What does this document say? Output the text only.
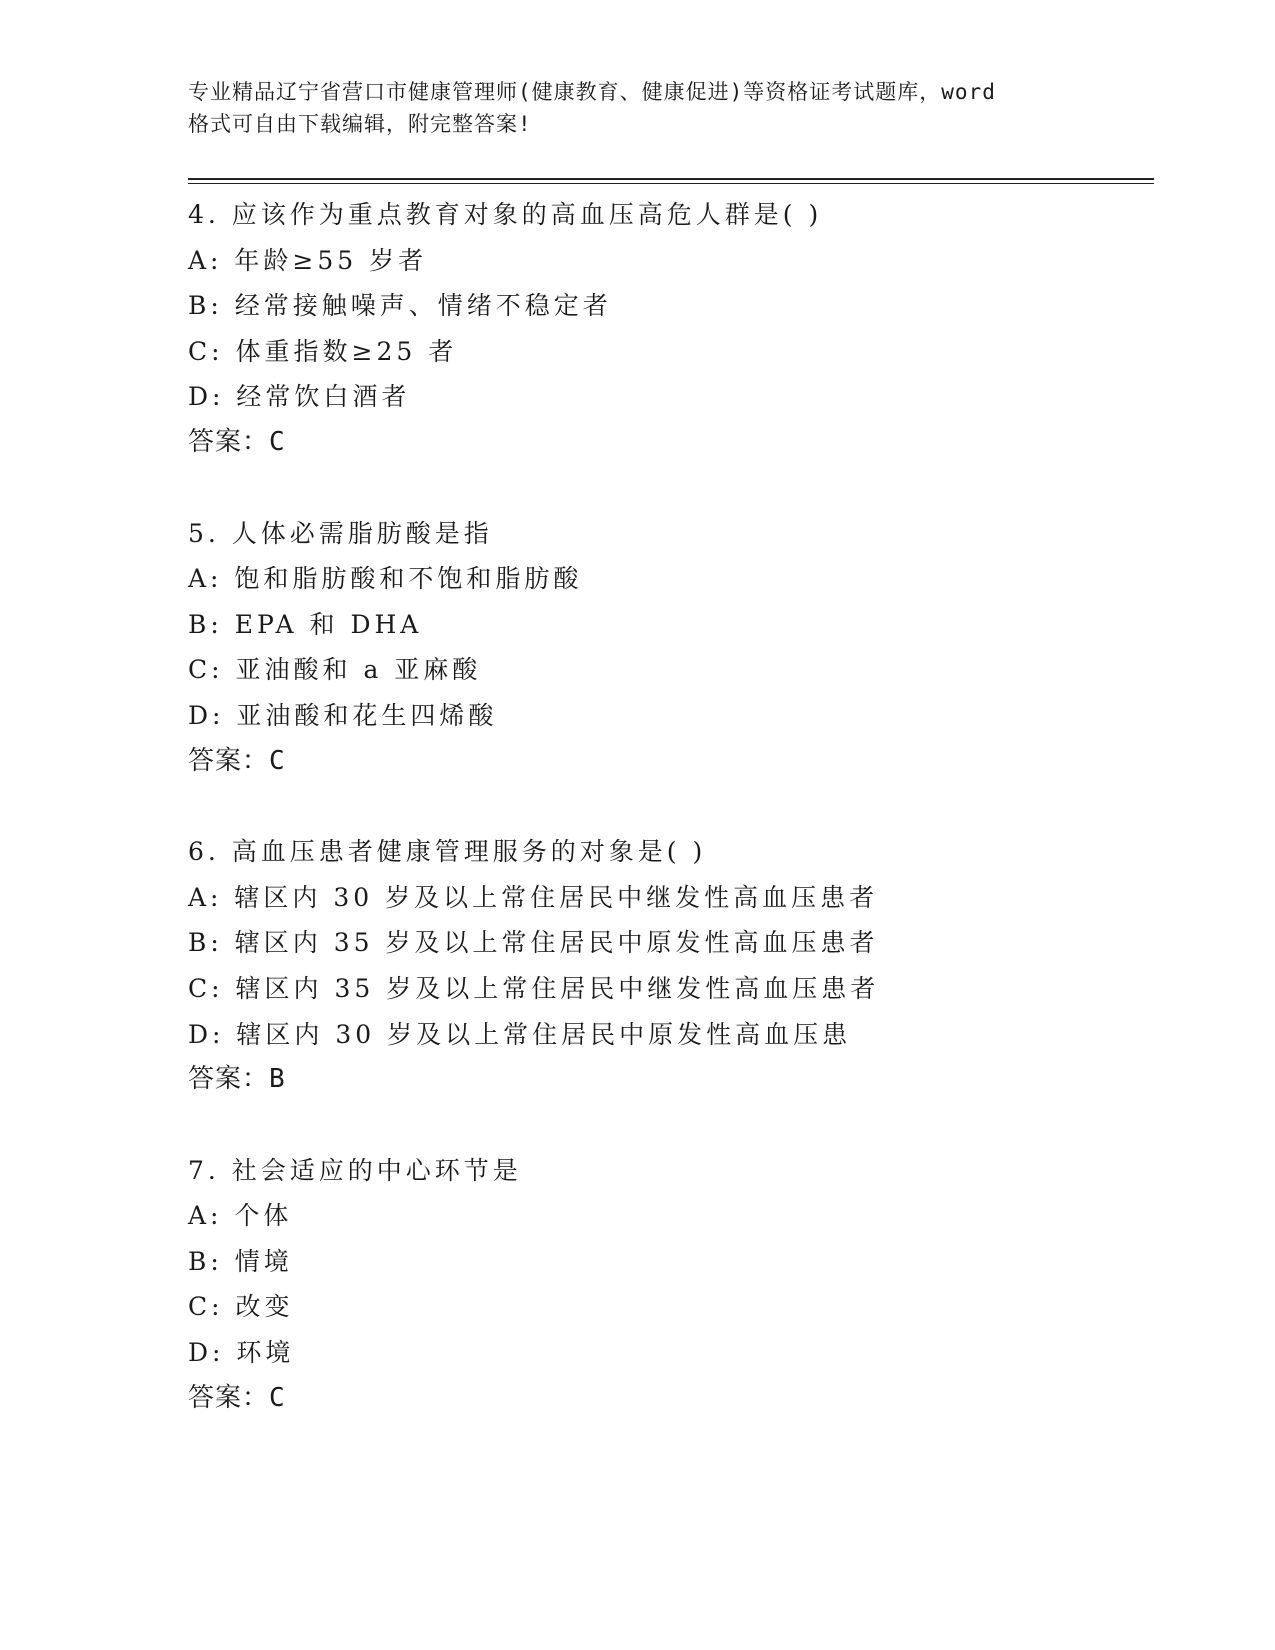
专业精品辽宁省营口市健康管理师(健康教育、健康促进)等资格证考试题库，word
格式可自由下载编辑，附完整答案!
4. 应该作为重点教育对象的高血压高危人群是( )
A: 年龄≥55 岁者
B: 经常接触噪声、情绪不稳定者
C: 体重指数≥25 者
D: 经常饮白酒者
答案：C
5. 人体必需脂肪酸是指
A: 饱和脂肪酸和不饱和脂肪酸
B: EPA 和 DHA
C: 亚油酸和 a 亚麻酸
D: 亚油酸和花生四烯酸
答案：C
6. 高血压患者健康管理服务的对象是( )
A: 辖区内 30 岁及以上常住居民中继发性高血压患者
B: 辖区内 35 岁及以上常住居民中原发性高血压患者
C: 辖区内 35 岁及以上常住居民中继发性高血压患者
D: 辖区内 30 岁及以上常住居民中原发性高血压患
答案：B
7. 社会适应的中心环节是
A: 个体
B: 情境
C: 改变
D: 环境
答案：C
